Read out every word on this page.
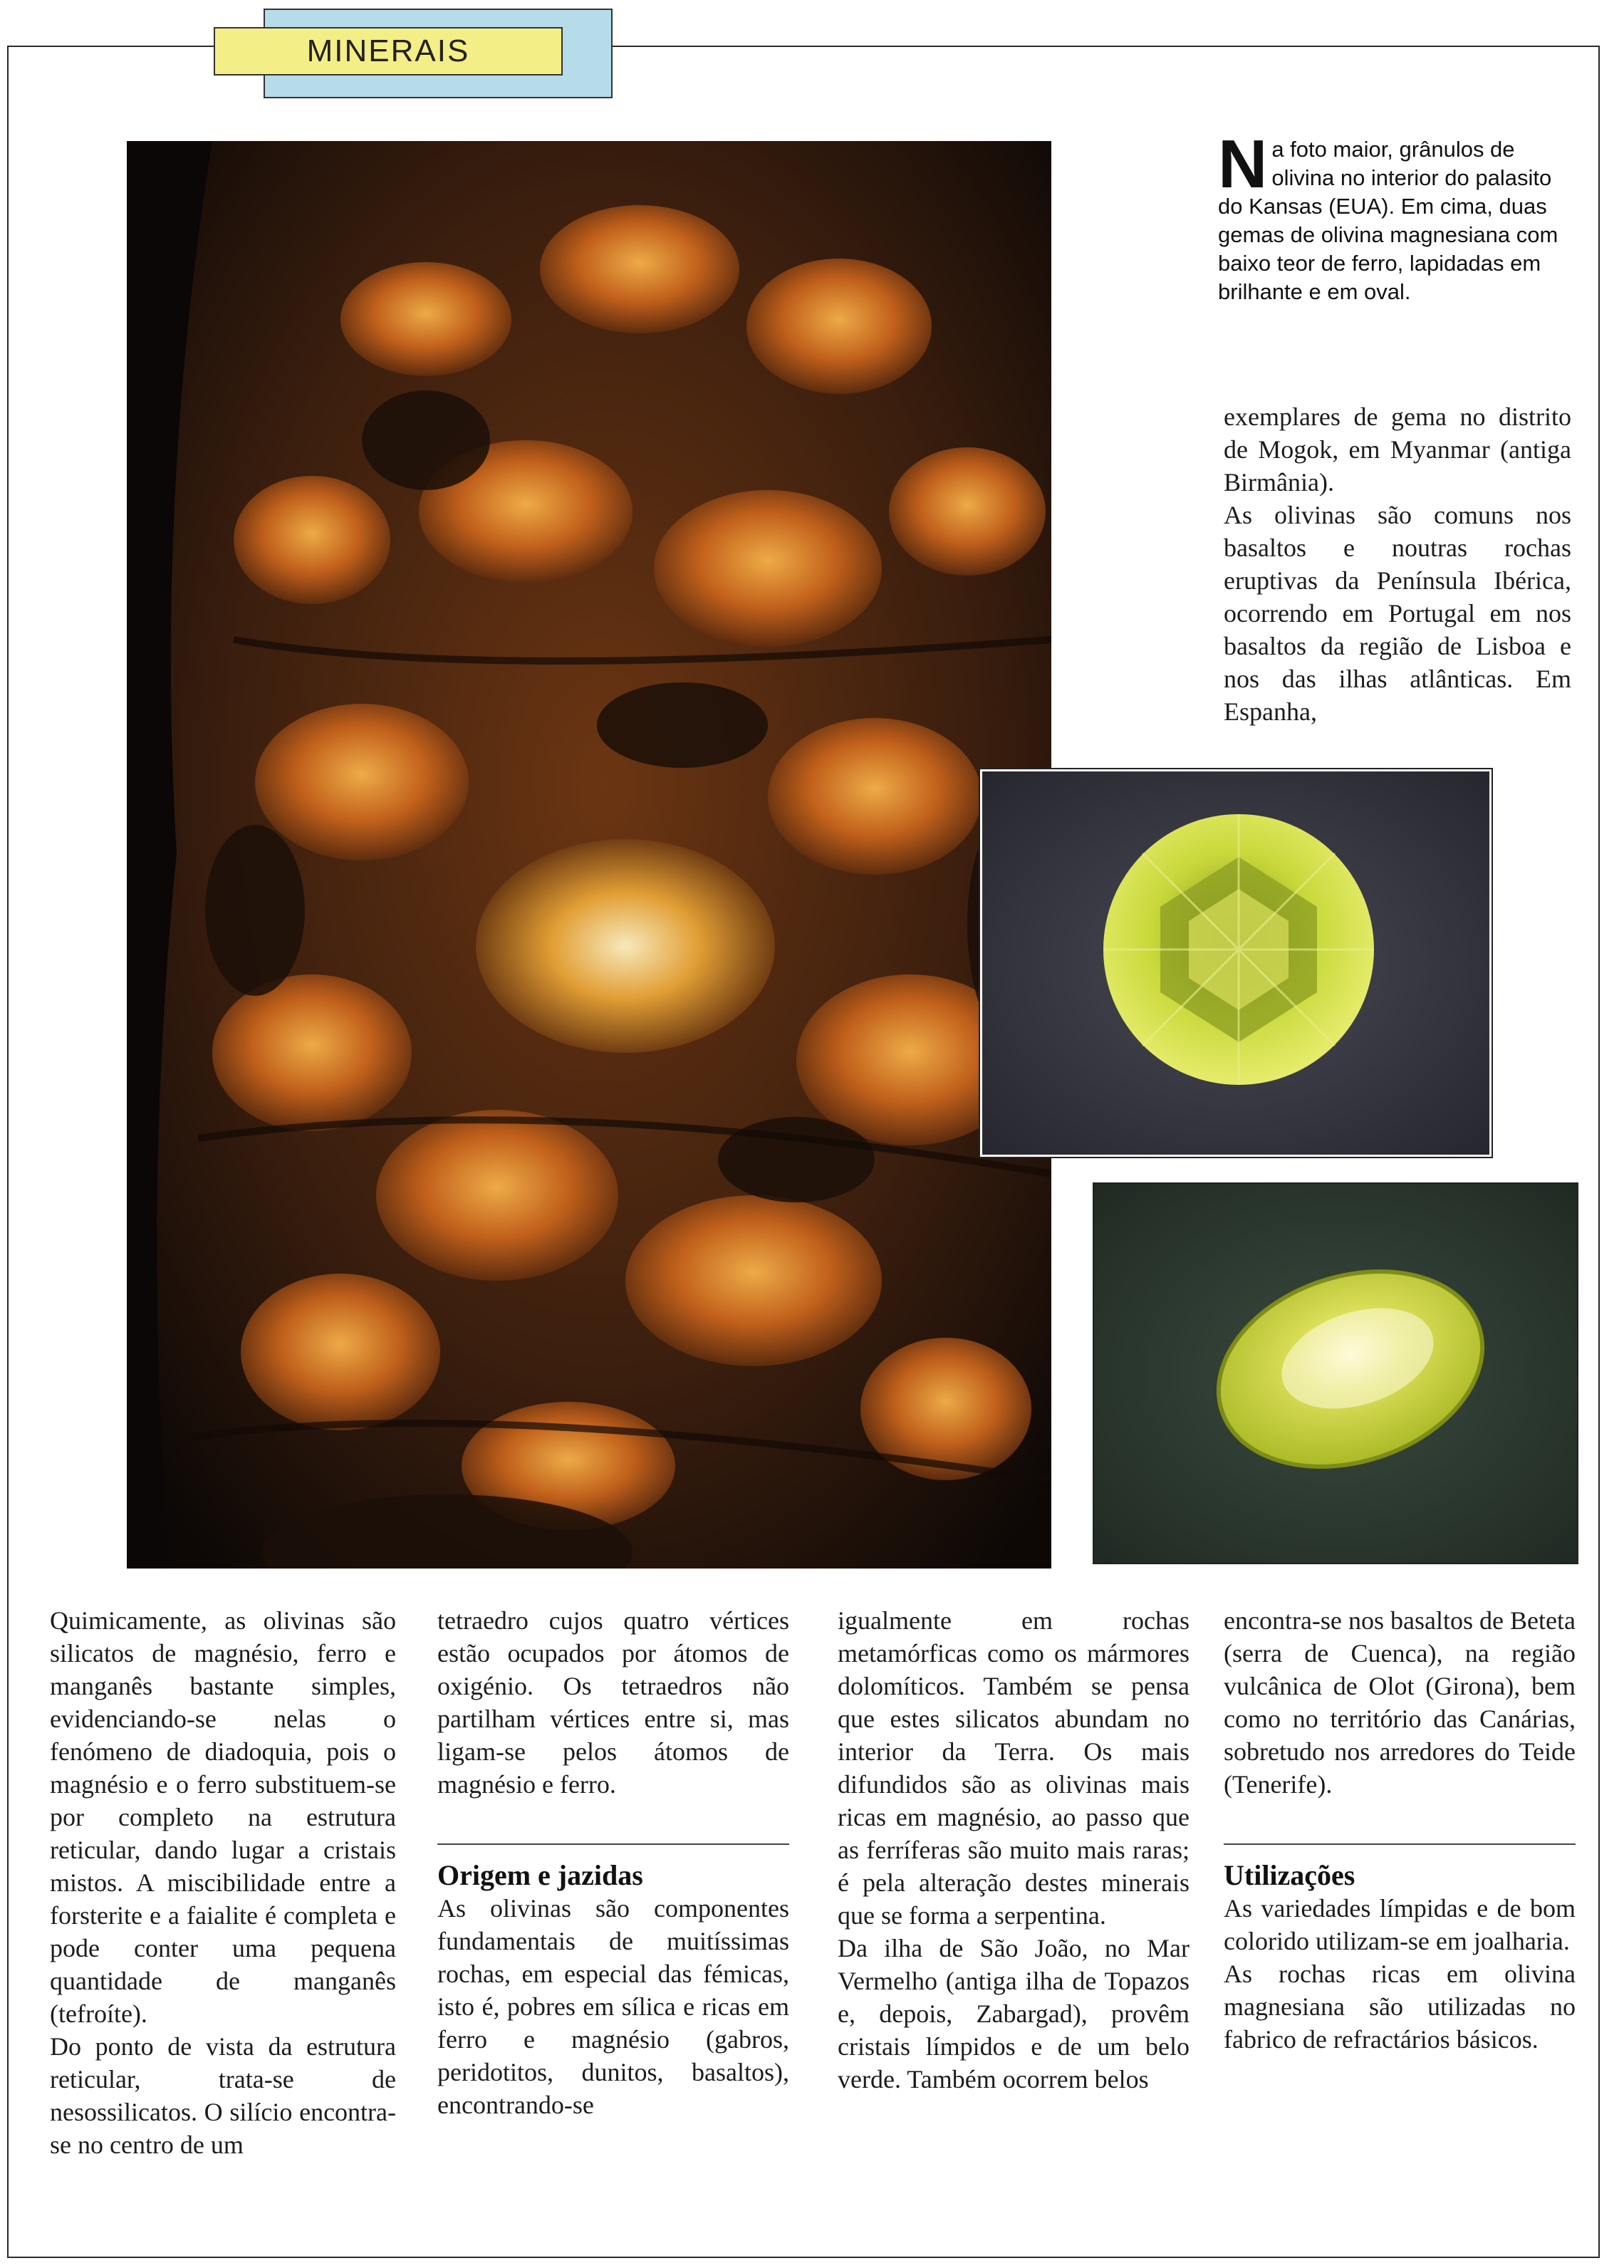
MINERAIS
Na foto maior, grânulos de olivina no interior do palasito do Kansas (EUA). Em cima, duas gemas de olivina magnesiana com baixo teor de ferro, lapidadas em brilhante e em oval.

exemplares de gema no distrito de Mogok, em Myanmar (antiga Birmânia).

As olivinas são comuns nos basaltos e noutras rochas eruptivas da Península Ibérica, ocorrendo em Portugal em nos basaltos da região de Lisboa e nos das ilhas atlânticas. Em Espanha,

Quimicamente, as olivinas são silicatos de magnésio, ferro e manganês bastante simples, evidenciando-se nelas o fenómeno de diadoquia, pois o magnésio e o ferro substituem-se por completo na estrutura reticular, dando lugar a cristais mistos. A miscibilidade entre a forsterite e a faialite é completa e pode conter uma pequena quantidade de manganês (tefroíte).

Do ponto de vista da estrutura reticular, trata-se de nesossilicatos. O silício encontra-se no centro de um

tetraedro cujos quatro vértices estão ocupados por átomos de oxigénio. Os tetraedros não partilham vértices entre si, mas ligam-se pelos átomos de magnésio e ferro.

Origem e jazidas

As olivinas são componentes fundamentais de muitíssimas rochas, em especial das fémicas, isto é, pobres em sílica e ricas em ferro e magnésio (gabros, peridotitos, dunitos, basaltos), encontrando-se

igualmente em rochas metamórficas como os mármores dolomíticos. Também se pensa que estes silicatos abundam no interior da Terra. Os mais difundidos são as olivinas mais ricas em magnésio, ao passo que as ferríferas são muito mais raras; é pela alteração destes minerais que se forma a serpentina.

Da ilha de São João, no Mar Vermelho (antiga ilha de Topazos e, depois, Zabargad), provêm cristais límpidos e de um belo verde. Também ocorrem belos

encontra-se nos basaltos de Beteta (serra de Cuenca), na região vulcânica de Olot (Girona), bem como no território das Canárias, sobretudo nos arredores do Teide (Tenerife).

Utilizações

As variedades límpidas e de bom colorido utilizam-se em joalharia.

As rochas ricas em olivina magnesiana são utilizadas no fabrico de refractários básicos.
